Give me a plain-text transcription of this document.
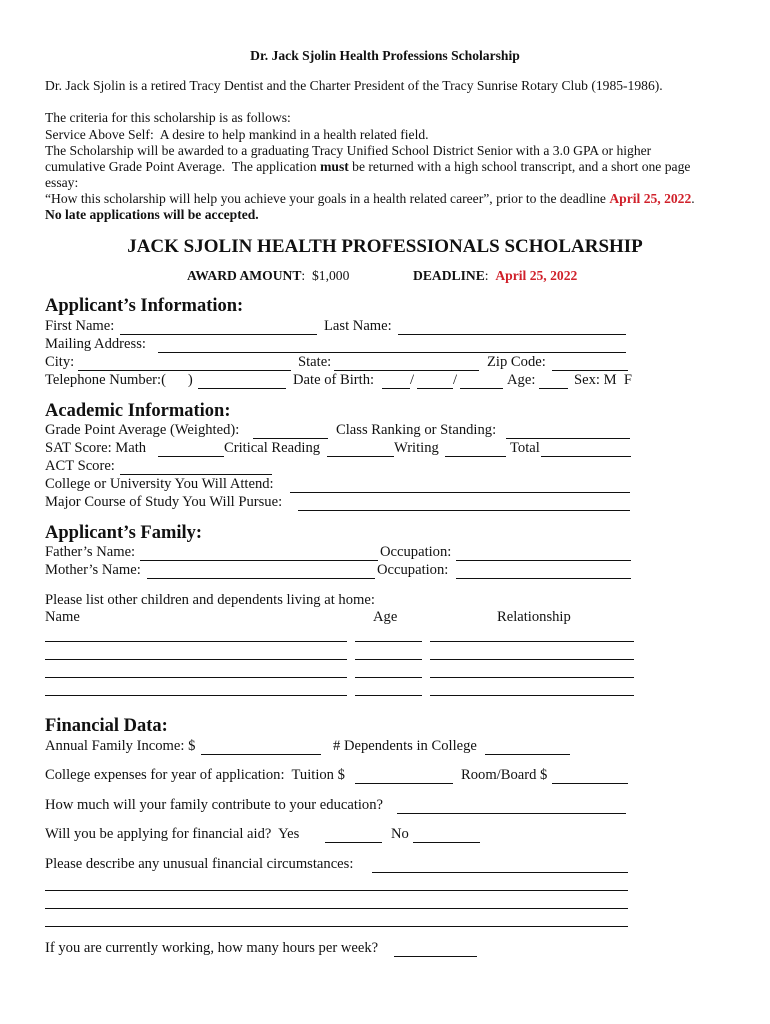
Dr. Jack Sjolin Health Professions Scholarship
Dr. Jack Sjolin is a retired Tracy Dentist and the Charter President of the Tracy Sunrise Rotary Club (1985-1986).
The criteria for this scholarship is as follows:
Service Above Self:  A desire to help mankind in a health related field.
The Scholarship will be awarded to a graduating Tracy Unified School District Senior with a 3.0 GPA or higher
cumulative Grade Point Average.  The application must be returned with a high school transcript, and a short one page
essay:
“How this scholarship will help you achieve your goals in a health related career”, prior to the deadline April 25, 2022.
No late applications will be accepted.
JACK SJOLIN HEALTH PROFESSIONALS SCHOLARSHIP
AWARD AMOUNT:  $1,000	DEADLINE:  April 25, 2022
Applicant’s Information:
First Name:	Last Name:
Mailing Address:
City:	State:	Zip Code:
Telephone Number:(      )	Date of Birth: /	/	Age:	Sex: M  F
Academic Information:
Grade Point Average (Weighted):	Class Ranking or Standing:
SAT Score: Math	Critical Reading	Writing	Total
ACT Score:
College or University You Will Attend:
Major Course of Study You Will Pursue:
Applicant’s Family:
Father’s Name:	Occupation:
Mother’s Name:	Occupation:
Please list other children and dependents living at home:
Name	Age	Relationship
Financial Data:
Annual Family Income: $	# Dependents in College
College expenses for year of application:  Tuition $	Room/Board $
How much will your family contribute to your education?
Will you be applying for financial aid?  Yes	No
Please describe any unusual financial circumstances:
If you are currently working, how many hours per week?
